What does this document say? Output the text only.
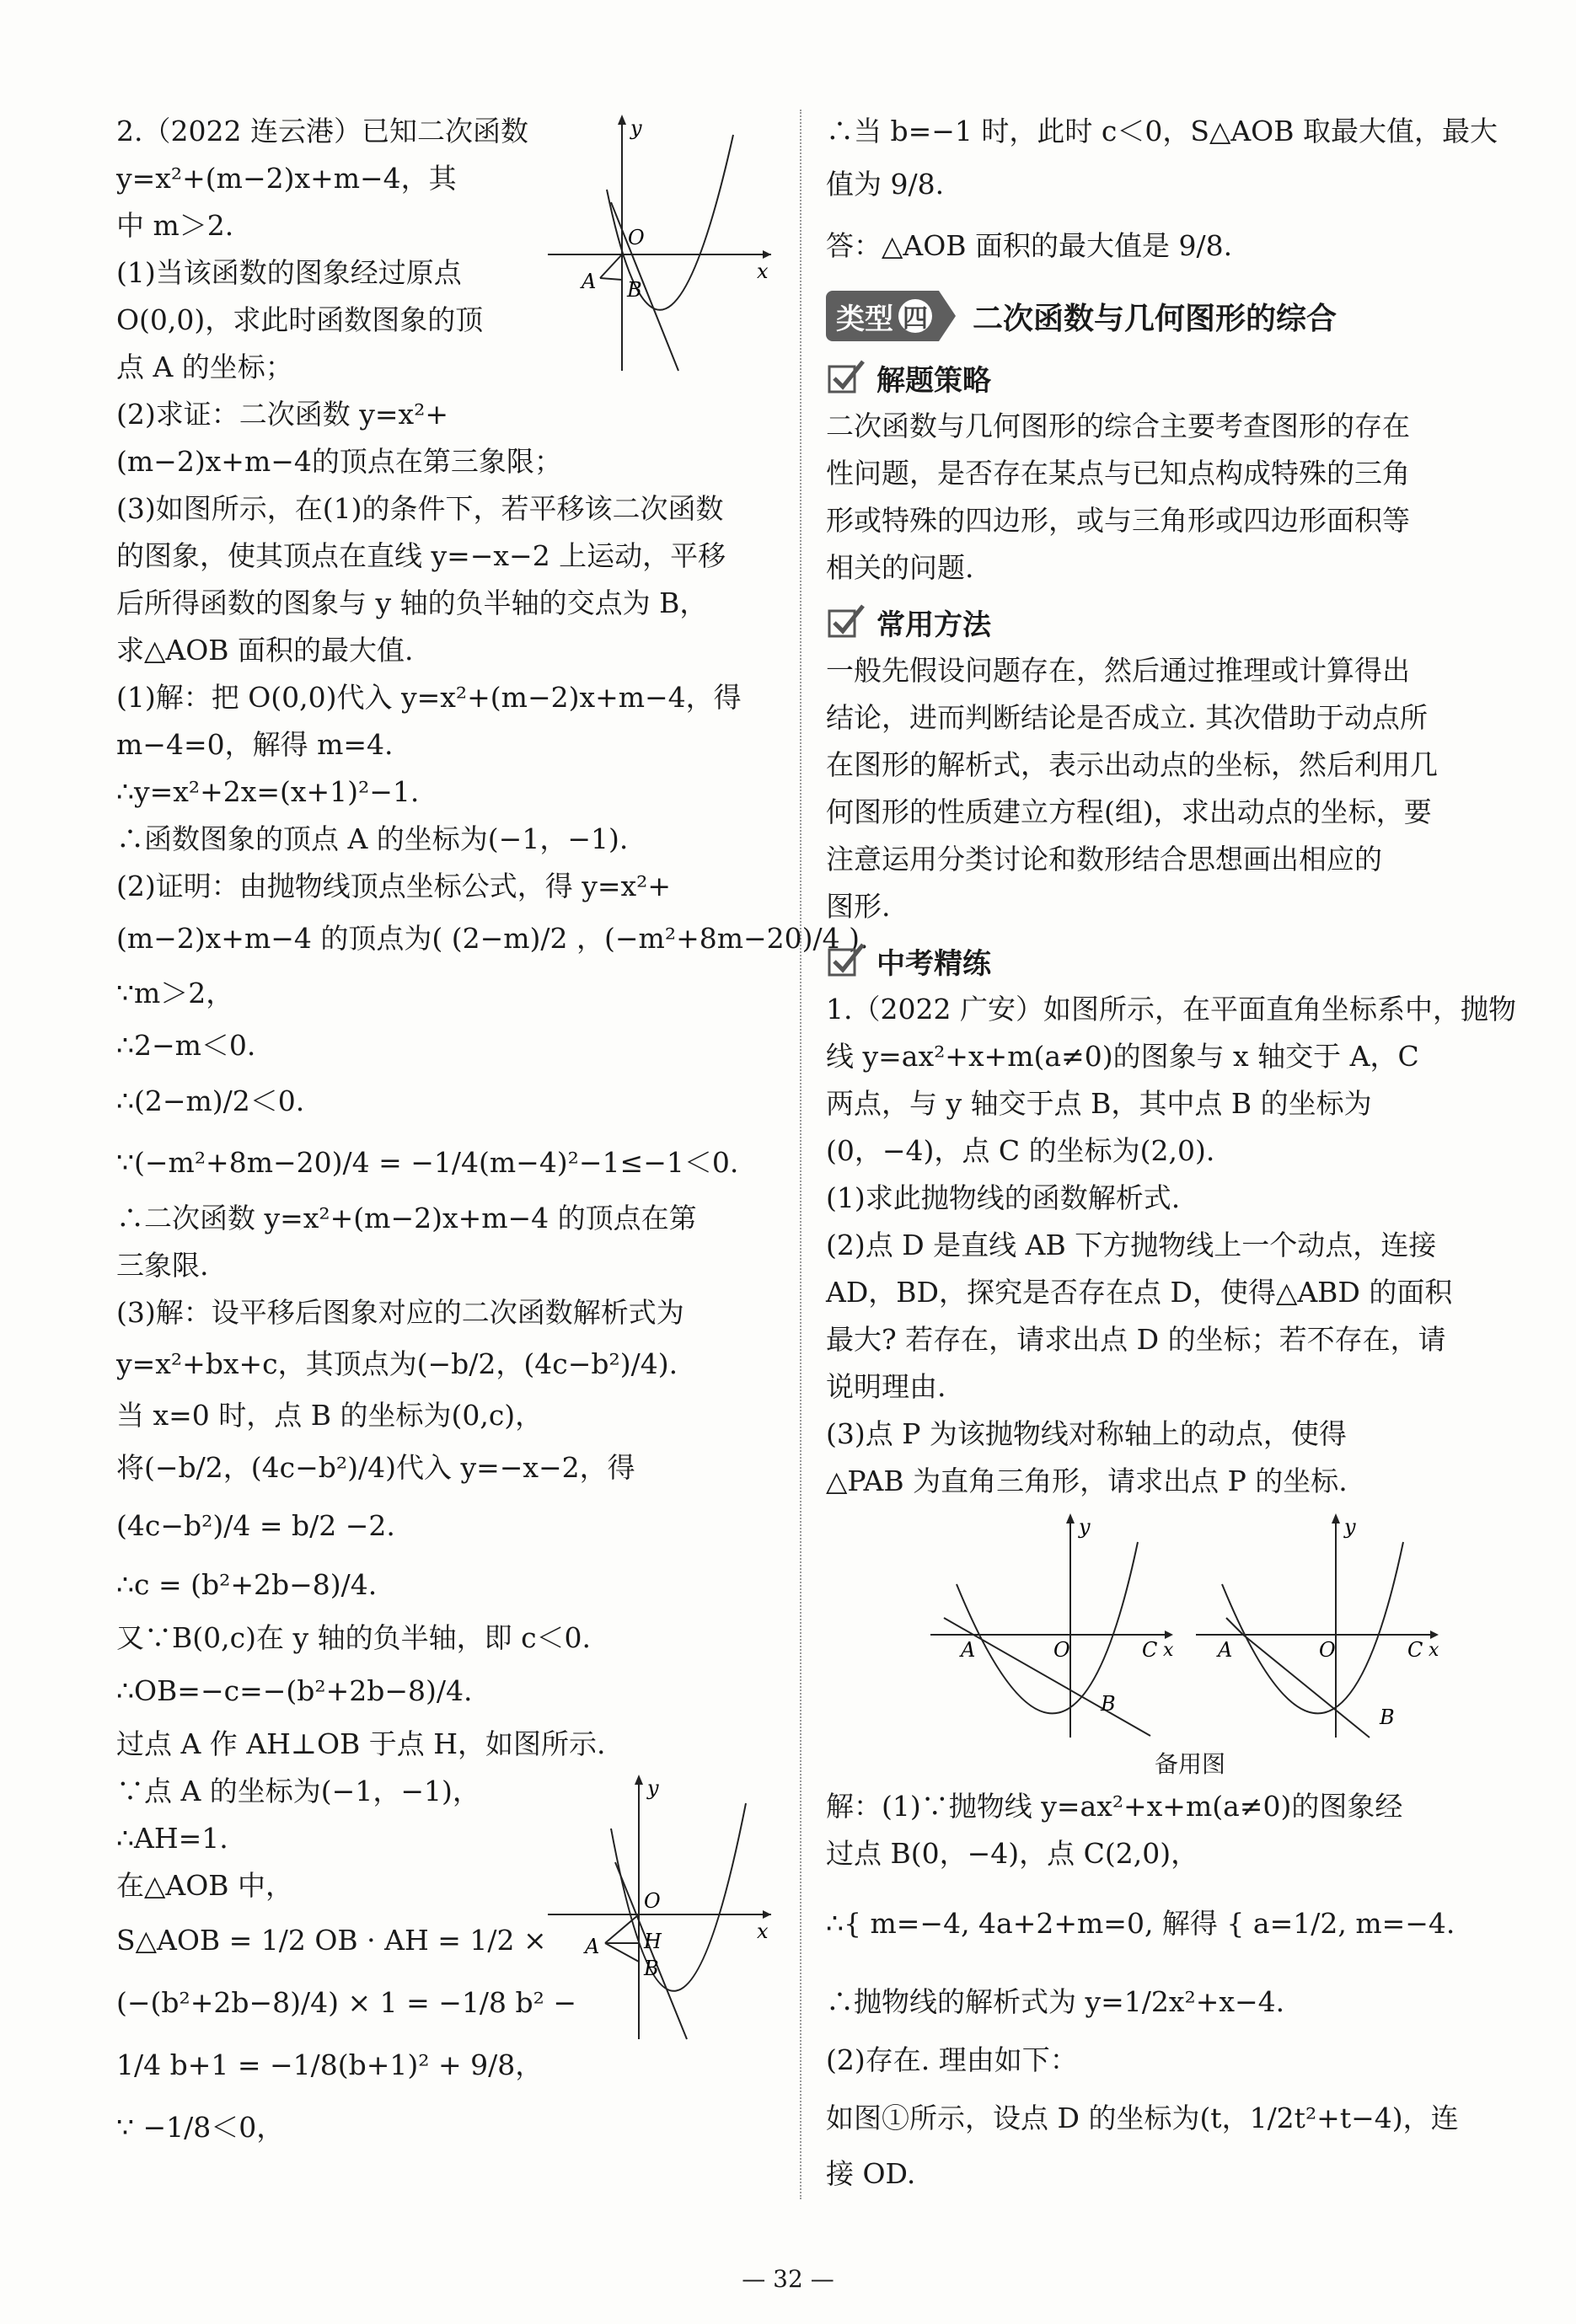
2.（2022 连云港）已知二次函数

y=x²+(m−2)x+m−4，其

中 m＞2.

(1)当该函数的图象经过原点

O(0,0)，求此时函数图象的顶

点 A 的坐标；

(2)求证：二次函数 y=x²+

(m−2)x+m−4的顶点在第三象限；

(3)如图所示，在(1)的条件下，若平移该二次函数

的图象，使其顶点在直线 y=−x−2 上运动，平移

后所得函数的图象与 y 轴的负半轴的交点为 B，

求△AOB 面积的最大值.

(1)解：把 O(0,0)代入 y=x²+(m−2)x+m−4，得

m−4=0，解得 m=4.

∴y=x²+2x=(x+1)²−1.

∴函数图象的顶点 A 的坐标为(−1，−1).

(2)证明：由抛物线顶点坐标公式，得 y=x²+

(m−2)x+m−4 的顶点为( (2−m)/2 ，(−m²+8m−20)/4 ).

∵m＞2，

∴2−m＜0.

∴(2−m)/2＜0.

∵(−m²+8m−20)/4 = −1/4(m−4)²−1≤−1＜0.

∴二次函数 y=x²+(m−2)x+m−4 的顶点在第

三象限.

(3)解：设平移后图象对应的二次函数解析式为

y=x²+bx+c，其顶点为(−b/2，(4c−b²)/4).

当 x=0 时，点 B 的坐标为(0,c)，

将(−b/2，(4c−b²)/4)代入 y=−x−2，得

(4c−b²)/4 = b/2 −2.

∴c = (b²+2b−8)/4.

又∵B(0,c)在 y 轴的负半轴，即 c＜0.

∴OB=−c=−(b²+2b−8)/4.

过点 A 作 AH⊥OB 于点 H，如图所示.

∵点 A 的坐标为(−1，−1)，

∴AH=1.

在△AOB 中，

S△AOB = 1/2 OB · AH = 1/2 ×

(−(b²+2b−8)/4) × 1 = −1/8 b² −

1/4 b+1 = −1/8(b+1)² + 9/8，

∵ −1/8＜0，

y
x
O
A B
y
x
O
A H
B

∴当 b=−1 时，此时 c＜0，S△AOB 取最大值，最大

值为 9/8.

答：△AOB 面积的最大值是 9/8.

类型 四 二次函数与几何图形的综合
解题策略

二次函数与几何图形的综合主要考查图形的存在

性问题，是否存在某点与已知点构成特殊的三角

形或特殊的四边形，或与三角形或四边形面积等

相关的问题.

常用方法

一般先假设问题存在，然后通过推理或计算得出

结论，进而判断结论是否成立. 其次借助于动点所

在图形的解析式，表示出动点的坐标，然后利用几

何图形的性质建立方程(组)，求出动点的坐标，要

注意运用分类讨论和数形结合思想画出相应的

图形.

中考精练

1.（2022 广安）如图所示，在平面直角坐标系中，抛物

线 y=ax²+x+m(a≠0)的图象与 x 轴交于 A，C

两点，与 y 轴交于点 B，其中点 B 的坐标为

(0，−4)，点 C 的坐标为(2,0).

(1)求此抛物线的函数解析式.

(2)点 D 是直线 AB 下方抛物线上一个动点，连接

AD，BD，探究是否存在点 D，使得△ABD 的面积

最大? 若存在，请求出点 D 的坐标；若不存在，请

说明理由.

(3)点 P 为该抛物线对称轴上的动点，使得

△PAB 为直角三角形，请求出点 P 的坐标.

y
x
O
A	C
B
y
x
O
A	C
B

备用图

解：(1)∵抛物线 y=ax²+x+m(a≠0)的图象经

过点 B(0，−4)，点 C(2,0)，

∴{ m=−4, 4a+2+m=0, 解得 { a=1/2, m=−4.

∴抛物线的解析式为 y=1/2x²+x−4.

(2)存在. 理由如下：

如图①所示，设点 D 的坐标为(t，1/2t²+t−4)，连

接 OD.

— 32 —
